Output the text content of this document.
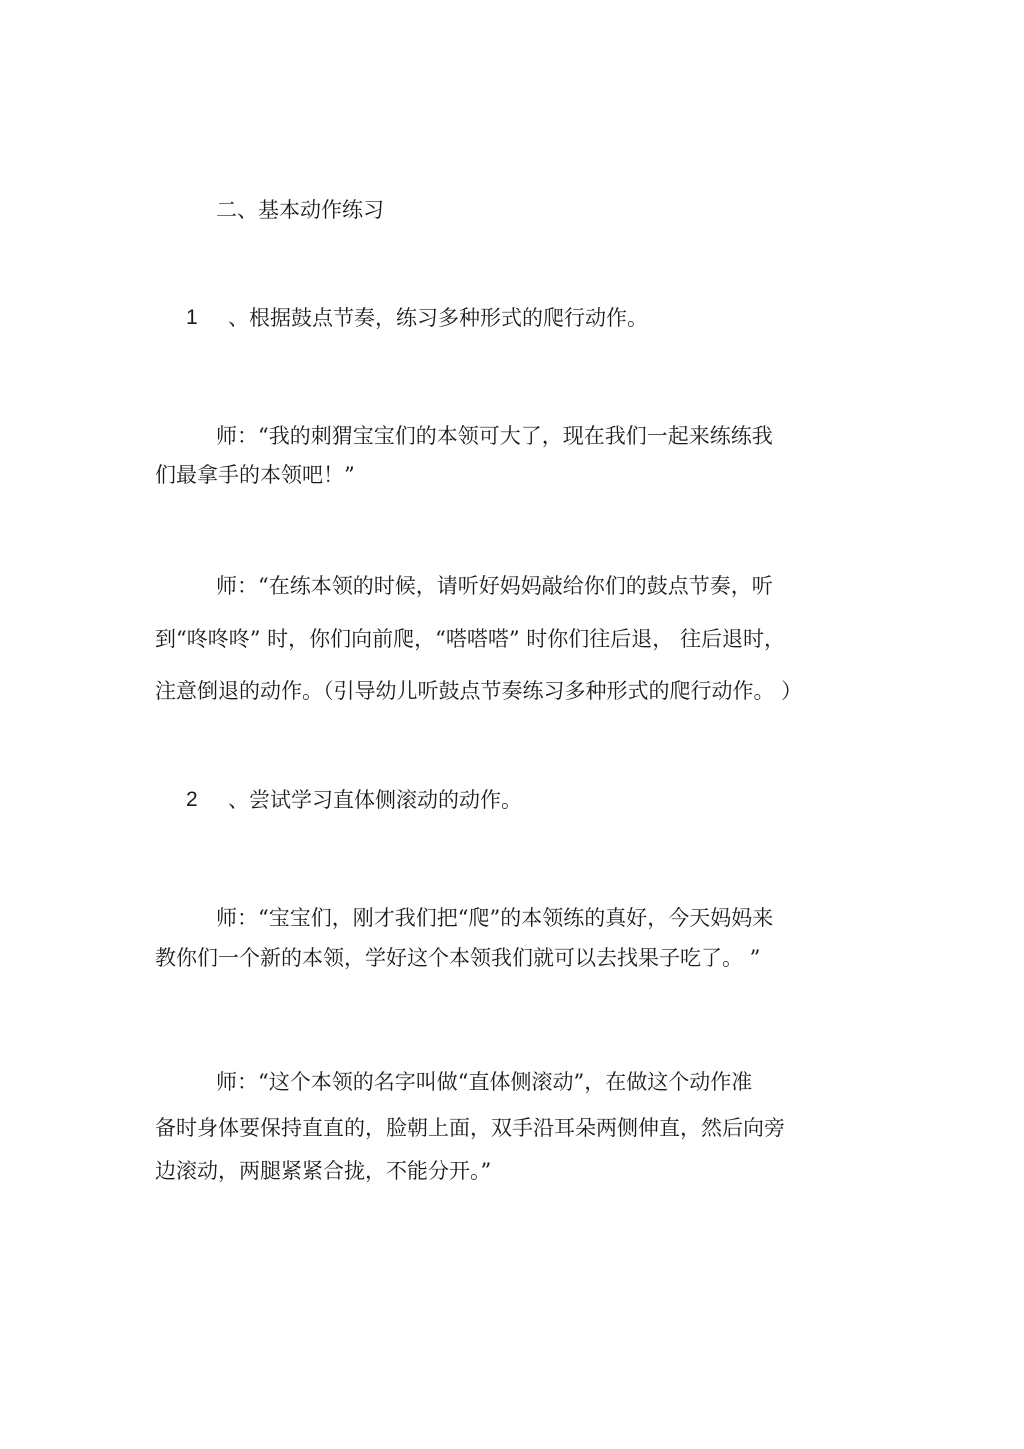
二、基本动作练习
1 、根据鼓点节奏，练习多种形式的爬行动作。
师：“我的刺猬宝宝们的本领可大了，现在我们一起来练练我
们最拿手的本领吧！”
师：“在练本领的时候，请听好妈妈敲给你们的鼓点节奏，听
到“咚咚咚” 时，你们向前爬，“嗒嗒嗒” 时你们往后退， 往后退时，
注意倒退的动作。（引导幼儿听鼓点节奏练习多种形式的爬行动作。 ）
2 、尝试学习直体侧滚动的动作。
师：“宝宝们，刚才我们把“爬”的本领练的真好，今天妈妈来
教你们一个新的本领，学好这个本领我们就可以去找果子吃了。 ”
师：“这个本领的名字叫做“直体侧滚动”，在做这个动作准
备时身体要保持直直的，脸朝上面，双手沿耳朵两侧伸直，然后向旁
边滚动，两腿紧紧合拢，不能分开。”
